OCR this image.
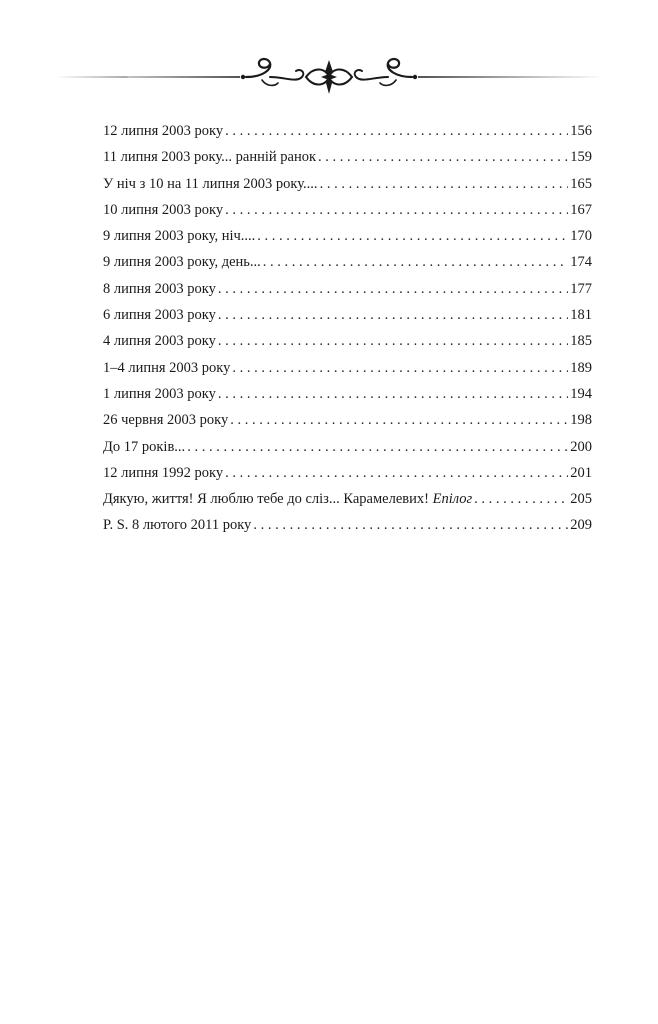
12 липня 2003 року . . .	156
11 липня 2003 року... ранній ранок . . .	159
У ніч з 10 на 11 липня 2003 року.... . . .	165
10 липня 2003 року . . .	167
9 липня 2003 року, ніч.... . . .	170
9 липня 2003 року, день... . . .	174
8 липня 2003 року . . .	177
6 липня 2003 року . . .	181
4 липня 2003 року . . .	185
1–4 липня 2003 року . . .	189
1 липня 2003 року . . .	194
26 червня 2003 року . . .	198
До 17 років... . . .	200
12 липня 1992 року . . .	201
Дякую, життя! Я люблю тебе до сліз... Карамелевих! Епілог . . .	205
P. S. 8 лютого 2011 року . . .	209
